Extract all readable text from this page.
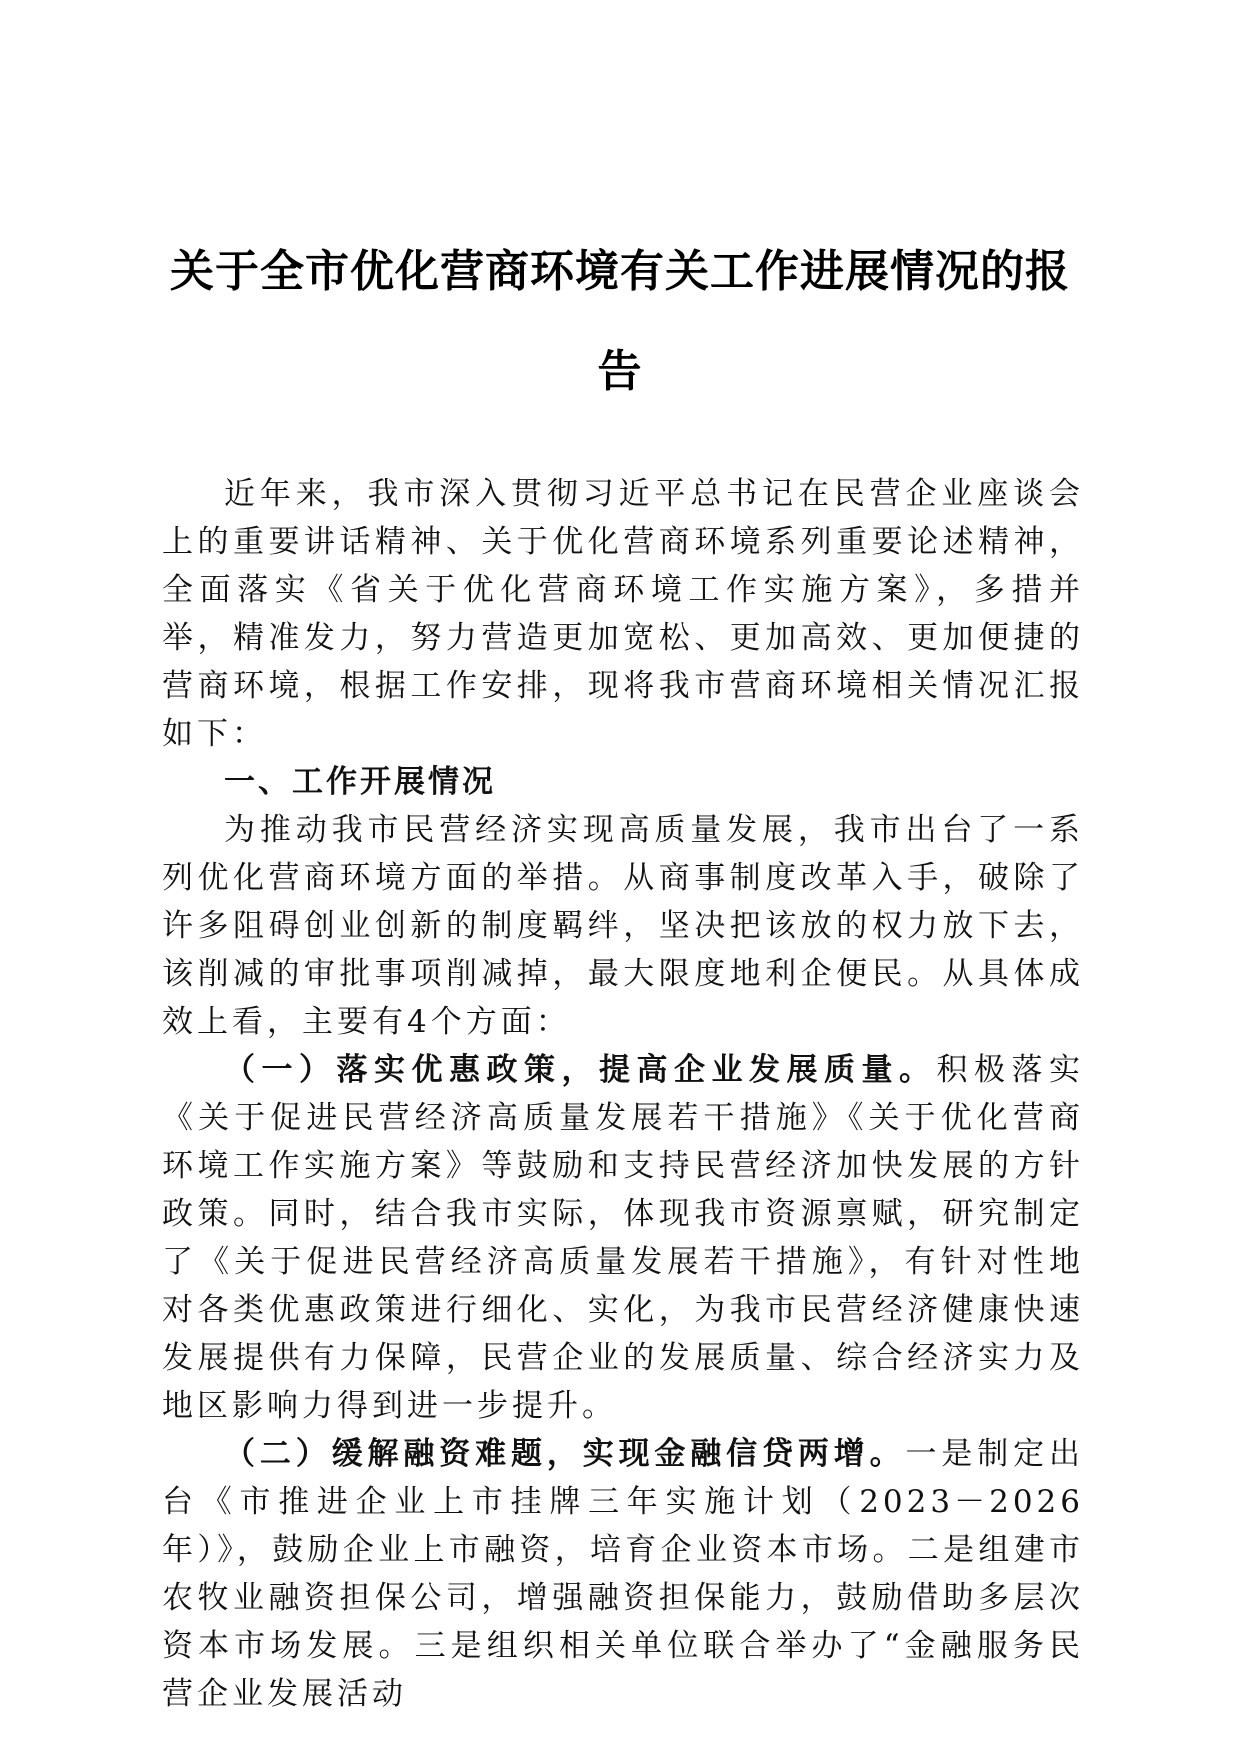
关于全市优化营商环境有关工作进展情况的报告

近年来，我市深入贯彻习近平总书记在民营企业座谈会上的重要讲话精神、关于优化营商环境系列重要论述精神，全面落实《省关于优化营商环境工作实施方案》，多措并举，精准发力，努力营造更加宽松、更加高效、更加便捷的营商环境，根据工作安排，现将我市营商环境相关情况汇报如下：

一、工作开展情况

为推动我市民营经济实现高质量发展，我市出台了一系列优化营商环境方面的举措。从商事制度改革入手，破除了许多阻碍创业创新的制度羁绊，坚决把该放的权力放下去，该削减的审批事项削减掉，最大限度地利企便民。从具体成效上看，主要有4个方面：

（一）落实优惠政策，提高企业发展质量。积极落实《关于促进民营经济高质量发展若干措施》《关于优化营商环境工作实施方案》等鼓励和支持民营经济加快发展的方针政策。同时，结合我市实际，体现我市资源禀赋，研究制定了《关于促进民营经济高质量发展若干措施》，有针对性地对各类优惠政策进行细化、实化，为我市民营经济健康快速发展提供有力保障，民营企业的发展质量、综合经济实力及地区影响力得到进一步提升。

（二）缓解融资难题，实现金融信贷两增。一是制定出台《市推进企业上市挂牌三年实施计划（2023－2026年）》，鼓励企业上市融资，培育企业资本市场。二是组建市农牧业融资担保公司，增强融资担保能力，鼓励借助多层次资本市场发展。三是组织相关单位联合举办了“金融服务民营企业发展活动
